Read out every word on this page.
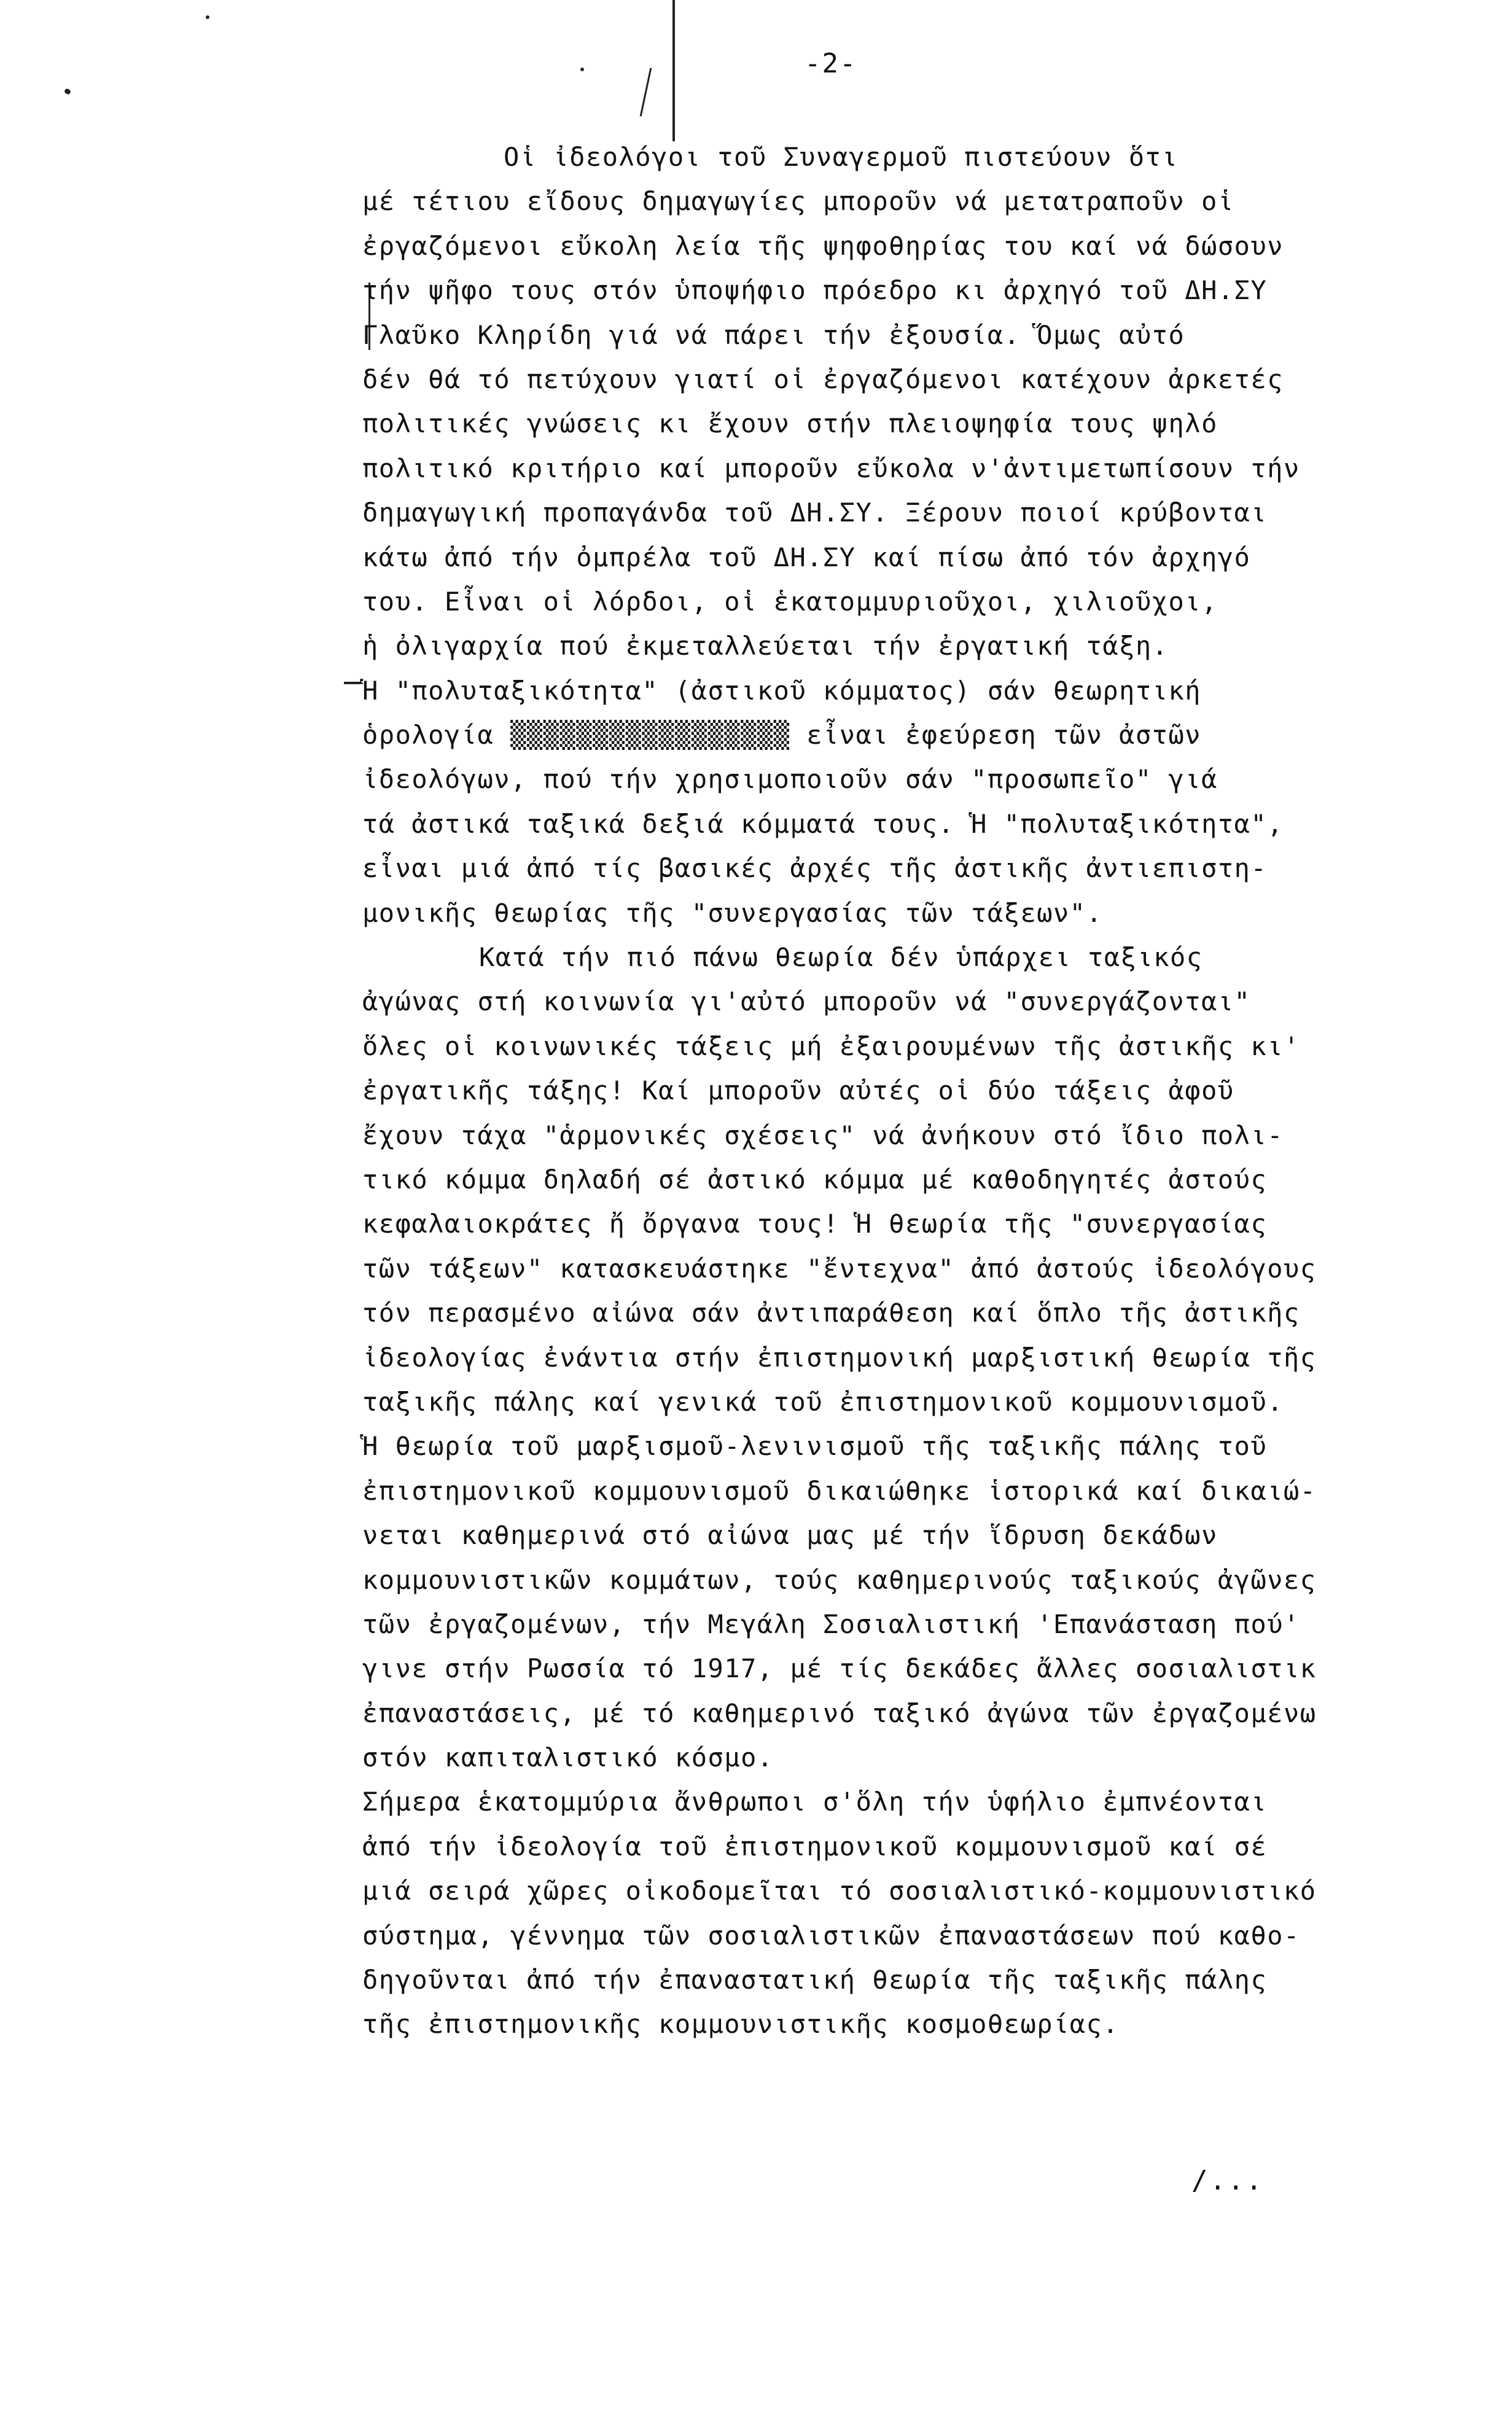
-2-
Οἱ ἰδεολόγοι τοῦ Συναγερμοῦ πιστεύουν ὅτι
μέ τέτιου εἴδους δημαγωγίες μποροῦν νά μετατραποῦν οἱ
ἐργαζόμενοι εὔκολη λεία τῆς ψηφοθηρίας του καί νά δώσουν
τήν ψῆφο τους στόν ὑποψήφιο πρόεδρο κι ἀρχηγό τοῦ ΔΗ.ΣΥ
Γλαῦκο Κληρίδη γιά νά πάρει τήν ἐξουσία. Ὅμως αὐτό
δέν θά τό πετύχουν γιατί οἱ ἐργαζόμενοι κατέχουν ἀρκετές
πολιτικές γνώσεις κι ἔχουν στήν πλειοψηφία τους ψηλό
πολιτικό κριτήριο καί μποροῦν εὔκολα ν'ἀντιμετωπίσουν τήν
δημαγωγική προπαγάνδα τοῦ ΔΗ.ΣΥ. Ξέρουν ποιοί κρύβονται
κάτω ἀπό τήν ὀμπρέλα τοῦ ΔΗ.ΣΥ καί πίσω ἀπό τόν ἀρχηγό
του. Εἶναι οἱ λόρδοι, οἱ ἑκατομμυριοῦχοι, χιλιοῦχοι,
ἡ ὀλιγαρχία πού ἐκμεταλλεύεται τήν ἐργατική τάξη.
Ἡ "πολυταξικότητα" (ἀστικοῦ κόμματος) σάν θεωρητική
ὁρολογία ▒▒▒▒▒▒▒▒▒▒▒▒▒▒▒▒▒ εἶναι ἐφεύρεση τῶν ἀστῶν
ἰδεολόγων, πού τήν χρησιμοποιοῦν σάν "προσωπεῖο" γιά
τά ἀστικά ταξικά δεξιά κόμματά τους. Ἡ "πολυταξικότητα",
εἶναι μιά ἀπό τίς βασικές ἀρχές τῆς ἀστικῆς ἀντιεπιστη-
μονικῆς θεωρίας τῆς "συνεργασίας τῶν τάξεων".
Κατά τήν πιό πάνω θεωρία δέν ὑπάρχει ταξικός
ἀγώνας στή κοινωνία γι'αὐτό μποροῦν νά "συνεργάζονται"
ὅλες οἱ κοινωνικές τάξεις μή ἐξαιρουμένων τῆς ἀστικῆς κι'
ἐργατικῆς τάξης! Καί μποροῦν αὐτές οἱ δύο τάξεις ἀφοῦ
ἔχουν τάχα "ἁρμονικές σχέσεις" νά ἀνήκουν στό ἴδιο πολι-
τικό κόμμα δηλαδή σέ ἀστικό κόμμα μέ καθοδηγητές ἀστούς
κεφαλαιοκράτες ἤ ὄργανα τους! Ἡ θεωρία τῆς "συνεργασίας
τῶν τάξεων" κατασκευάστηκε "ἔντεχνα" ἀπό ἀστούς ἰδεολόγους
τόν περασμένο αἰώνα σάν ἀντιπαράθεση καί ὅπλο τῆς ἀστικῆς
ἰδεολογίας ἐνάντια στήν ἐπιστημονική μαρξιστική θεωρία τῆς
ταξικῆς πάλης καί γενικά τοῦ ἐπιστημονικοῦ κομμουνισμοῦ.
Ἡ θεωρία τοῦ μαρξισμοῦ-λενινισμοῦ τῆς ταξικῆς πάλης τοῦ
ἐπιστημονικοῦ κομμουνισμοῦ δικαιώθηκε ἱστορικά καί δικαιώ-
νεται καθημερινά στό αἰώνα μας μέ τήν ἵδρυση δεκάδων
κομμουνιστικῶν κομμάτων, τούς καθημερινούς ταξικούς ἀγῶνες
τῶν ἐργαζομένων, τήν Μεγάλη Σοσιαλιστική 'Επανάσταση πού'
γινε στήν Ρωσσία τό 1917, μέ τίς δεκάδες ἄλλες σοσιαλιστικ
ἐπαναστάσεις, μέ τό καθημερινό ταξικό ἀγώνα τῶν ἐργαζομένω
στόν καπιταλιστικό κόσμο.
Σήμερα ἑκατομμύρια ἄνθρωποι σ'ὅλη τήν ὑφήλιο ἐμπνέονται
ἀπό τήν ἰδεολογία τοῦ ἐπιστημονικοῦ κομμουνισμοῦ καί σέ
μιά σειρά χῶρες οἰκοδομεῖται τό σοσιαλιστικό-κομμουνιστικό
σύστημα, γέννημα τῶν σοσιαλιστικῶν ἐπαναστάσεων πού καθο-
δηγοῦνται ἀπό τήν ἐπαναστατική θεωρία τῆς ταξικῆς πάλης
τῆς ἐπιστημονικῆς κομμουνιστικῆς κοσμοθεωρίας.
/...
